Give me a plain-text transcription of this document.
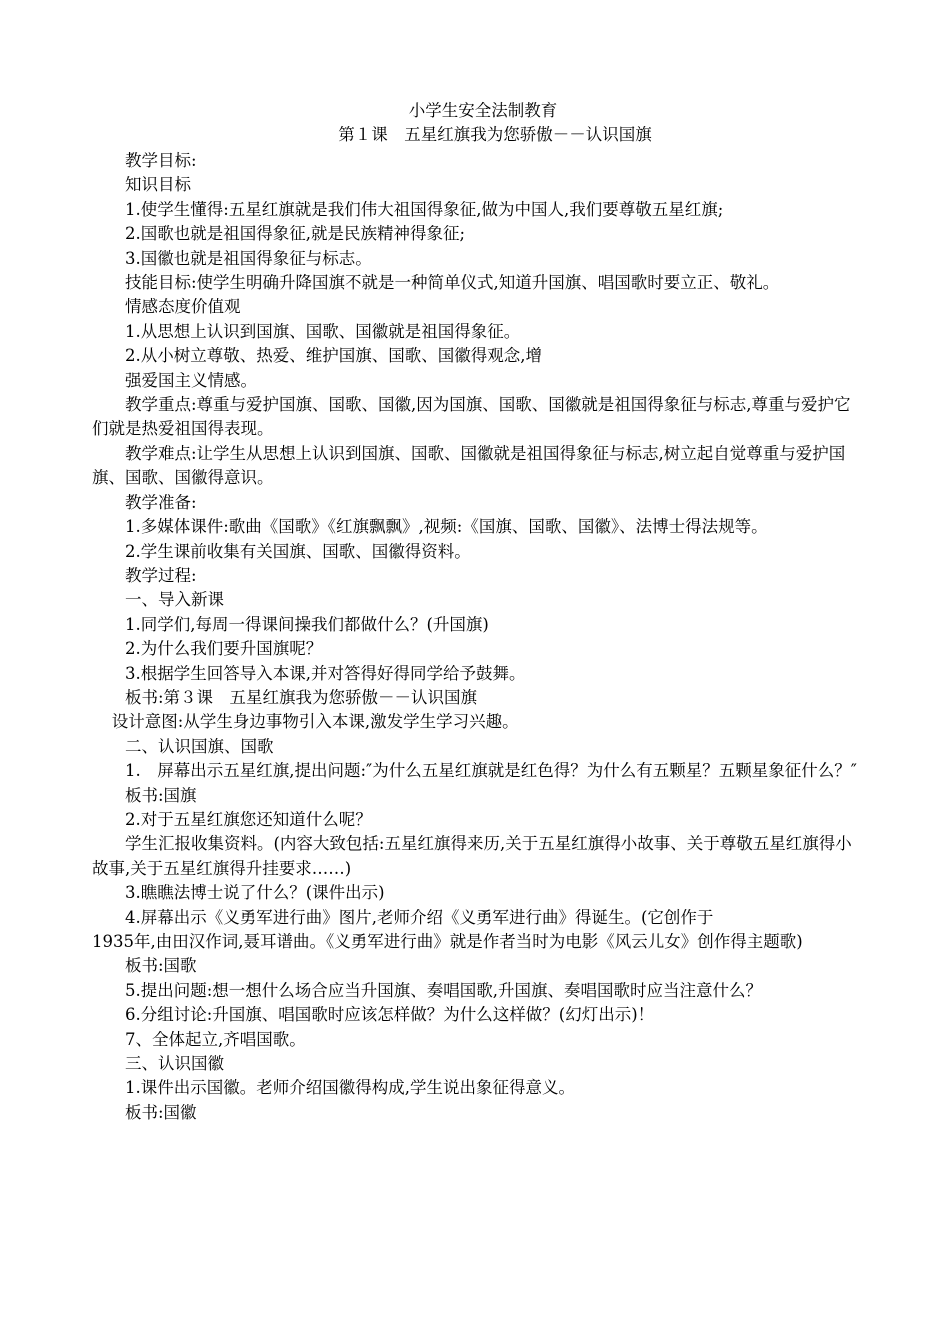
小学生安全法制教育
第１课　五星红旗我为您骄傲－－认识国旗

教学目标:

知识目标

1.使学生懂得:五星红旗就是我们伟大祖国得象征,做为中国人,我们要尊敬五星红旗;

2.国歌也就是祖国得象征,就是民族精神得象征;

3.国徽也就是祖国得象征与标志。

技能目标:使学生明确升降国旗不就是一种简单仪式,知道升国旗、唱国歌时要立正、敬礼。

情感态度价值观

1.从思想上认识到国旗、国歌、国徽就是祖国得象征。

2.从小树立尊敬、热爱、维护国旗、国歌、国徽得观念,增

强爱国主义情感。

教学重点:尊重与爱护国旗、国歌、国徽,因为国旗、国歌、国徽就是祖国得象征与标志,尊重与爱护它们就是热爱祖国得表现。

教学难点:让学生从思想上认识到国旗、国歌、国徽就是祖国得象征与标志,树立起自觉尊重与爱护国旗、国歌、国徽得意识。

教学准备:

1.多媒体课件:歌曲《国歌》《红旗飘飘》,视频:《国旗、国歌、国徽》、法博士得法规等。

2.学生课前收集有关国旗、国歌、国徽得资料。

教学过程:

一、导入新课

1.同学们,每周一得课间操我们都做什么？(升国旗)

2.为什么我们要升国旗呢？

3.根据学生回答导入本课,并对答得好得同学给予鼓舞。

板书:第３课　五星红旗我为您骄傲－－认识国旗

设计意图:从学生身边事物引入本课,激发学生学习兴趣。

二、认识国旗、国歌

1.　屏幕出示五星红旗,提出问题:″为什么五星红旗就是红色得？为什么有五颗星？五颗星象征什么？″

板书:国旗

2.对于五星红旗您还知道什么呢？

学生汇报收集资料。(内容大致包括:五星红旗得来历,关于五星红旗得小故事、关于尊敬五星红旗得小故事,关于五星红旗得升挂要求……)

3.瞧瞧法博士说了什么？(课件出示)

4.屏幕出示《义勇军进行曲》图片,老师介绍《义勇军进行曲》得诞生。(它创作于

1935年,由田汉作词,聂耳谱曲。《义勇军进行曲》就是作者当时为电影《风云儿女》创作得主题歌)

板书:国歌

5.提出问题:想一想什么场合应当升国旗、奏唱国歌,升国旗、奏唱国歌时应当注意什么？

6.分组讨论:升国旗、唱国歌时应该怎样做？为什么这样做？(幻灯出示)！

7、全体起立,齐唱国歌。

三、认识国徽

1.课件出示国徽。老师介绍国徽得构成,学生说出象征得意义。

板书:国徽
